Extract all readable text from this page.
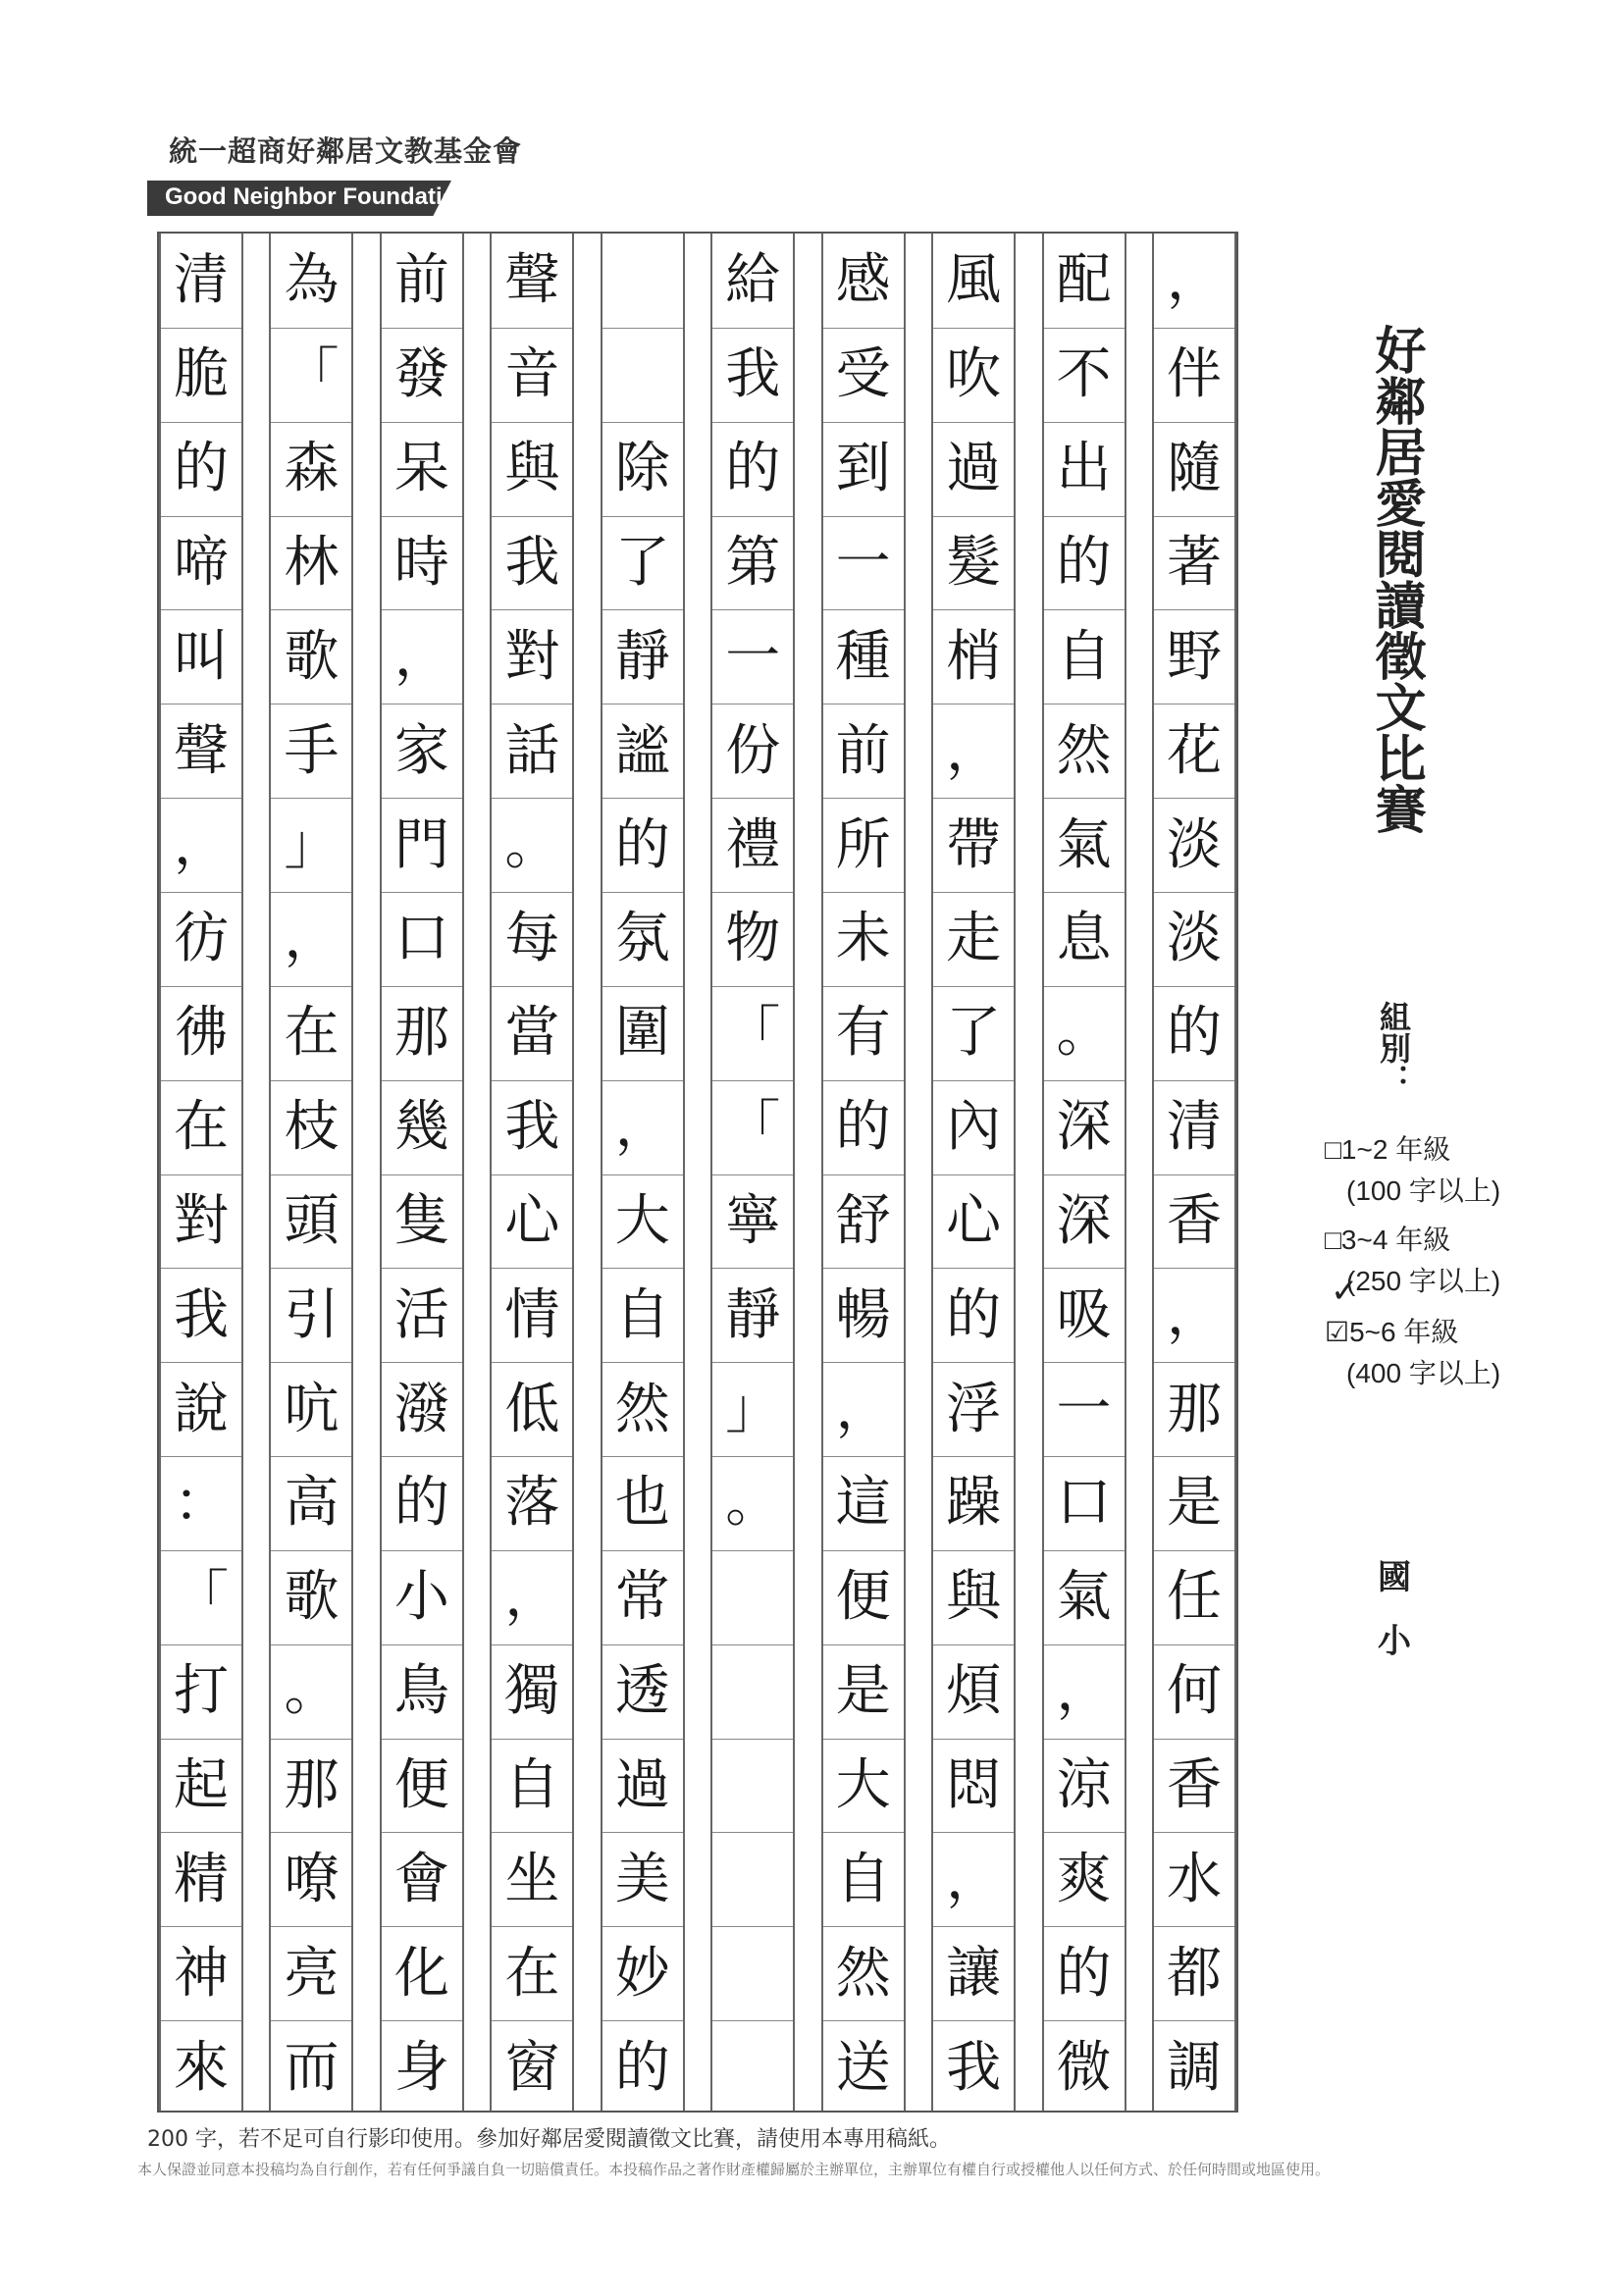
統一超商好鄰居文教基金會
Good Neighbor Foundation
，
伴
隨
著
野
花
淡
淡
的
清
香
，
那
是
任
何
香
水
都
調
配
不
出
的
自
然
氣
息
。
深
深
吸
一
口
氣
，
涼
爽
的
微
風
吹
過
髮
梢
，
帶
走
了
內
心
的
浮
躁
與
煩
悶
，
讓
我
感
受
到
一
種
前
所
未
有
的
舒
暢
，
這
便
是
大
自
然
送
給
我
的
第
一
份
禮
物
「
「
寧
靜
」
。
除
了
靜
謐
的
氛
圍
，
大
自
然
也
常
透
過
美
妙
的
聲
音
與
我
對
話
。
每
當
我
心
情
低
落
，
獨
自
坐
在
窗
前
發
呆
時
，
家
門
口
那
幾
隻
活
潑
的
小
鳥
便
會
化
身
為
「
森
林
歌
手
」
，
在
枝
頭
引
吭
高
歌
。
那
嘹
亮
而
清
脆
的
啼
叫
聲
，
彷
彿
在
對
我
說
：
「
打
起
精
神
來
好鄰居愛閱讀徵文比賽
組別：
□1~2 年級
(100 字以上)
□3~4 年級
(250 字以上)
✓
☑5~6 年級
(400 字以上)
國
小
200 字，若不足可自行影印使用。參加好鄰居愛閱讀徵文比賽，請使用本專用稿紙。
本人保證並同意本投稿均為自行創作，若有任何爭議自負一切賠償責任。本投稿作品之著作財產權歸屬於主辦單位，主辦單位有權自行或授權他人以任何方式、於任何時間或地區使用。
